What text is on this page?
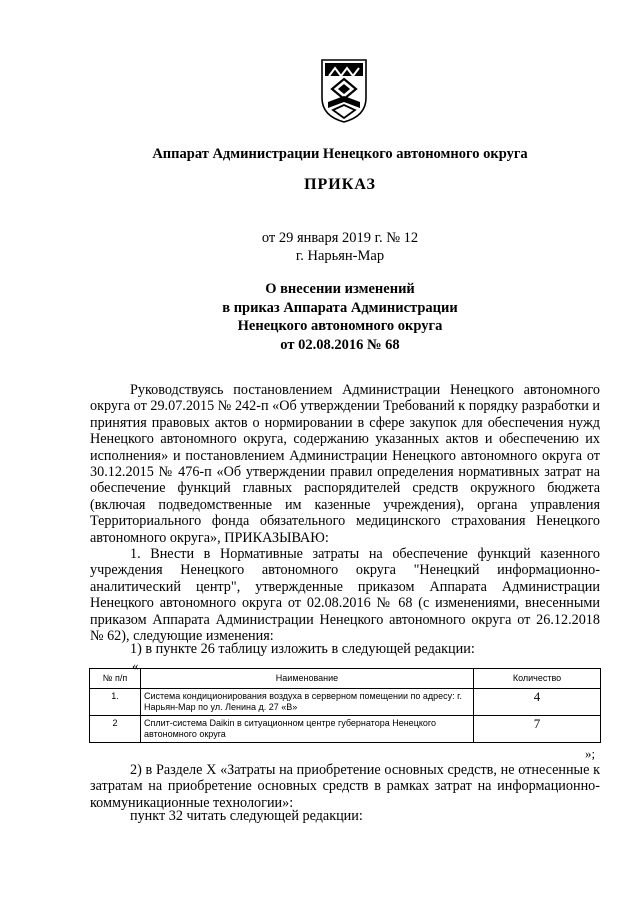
Аппарат Администрации Ненецкого автономного округа
ПРИКАЗ
от 29 января 2019 г. № 12
г. Нарьян-Мар
О внесении изменений
в приказ Аппарата Администрации
Ненецкого автономного округа
от 02.08.2016 № 68
Руководствуясь постановлением Администрации Ненецкого автономного округа от 29.07.2015 № 242-п «Об утверждении Требований к порядку разработки и принятия правовых актов о нормировании в сфере закупок для обеспечения нужд Ненецкого автономного округа, содержанию указанных актов и обеспечению их исполнения» и постановлением Администрации Ненецкого автономного округа от 30.12.2015 № 476-п «Об утверждении правил определения нормативных затрат на обеспечение функций главных распорядителей средств окружного бюджета (включая подведомственные им казенные учреждения), органа управления Территориального фонда обязательного медицинского страхования Ненецкого автономного округа», ПРИКАЗЫВАЮ:
1. Внести в Нормативные затраты на обеспечение функций казенного учреждения Ненецкого автономного округа "Ненецкий информационно-аналитический центр", утвержденные приказом Аппарата Администрации Ненецкого автономного округа от 02.08.2016 № 68 (с изменениями, внесенными приказом Аппарата Администрации Ненецкого автономного округа от 26.12.2018 № 62), следующие изменения:
1) в пункте 26 таблицу изложить в следующей редакции:
«
№ п/п	Наименование	Количество
1.	Система кондиционирования воздуха в серверном помещении по адресу: г. Нарьян-Мар по ул. Ленина д. 27 «В»	4
2	Сплит-система Daikin в ситуационном центре губернатора Ненецкого автономного округа	7
»;
2) в Разделе X «Затраты на приобретение основных средств, не отнесенные к затратам на приобретение основных средств в рамках затрат на информационно-коммуникационные технологии»:
пункт 32 читать следующей редакции:
